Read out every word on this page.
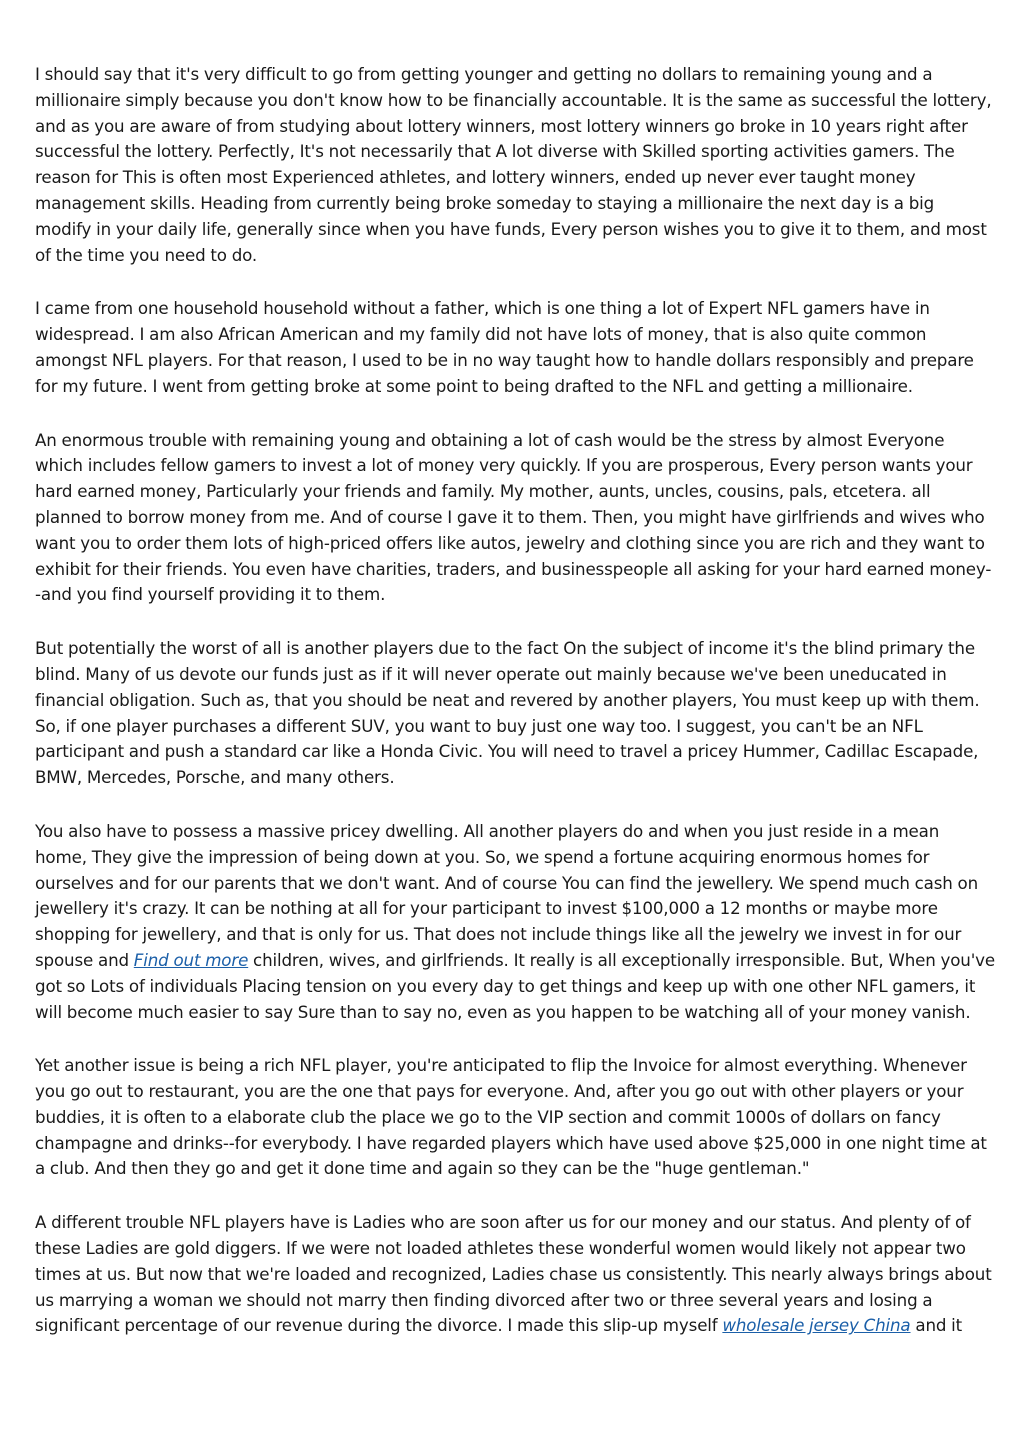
I should say that it's very difficult to go from getting younger and getting no dollars to remaining young and a millionaire simply because you don't know how to be financially accountable. It is the same as successful the lottery, and as you are aware of from studying about lottery winners, most lottery winners go broke in 10 years right after successful the lottery. Perfectly, It's not necessarily that A lot diverse with Skilled sporting activities gamers. The reason for This is often most Experienced athletes, and lottery winners, ended up never ever taught money management skills. Heading from currently being broke someday to staying a millionaire the next day is a big modify in your daily life, generally since when you have funds, Every person wishes you to give it to them, and most of the time you need to do.

I came from one household household without a father, which is one thing a lot of Expert NFL gamers have in widespread. I am also African American and my family did not have lots of money, that is also quite common amongst NFL players. For that reason, I used to be in no way taught how to handle dollars responsibly and prepare for my future. I went from getting broke at some point to being drafted to the NFL and getting a millionaire.

An enormous trouble with remaining young and obtaining a lot of cash would be the stress by almost Everyone which includes fellow gamers to invest a lot of money very quickly. If you are prosperous, Every person wants your hard earned money, Particularly your friends and family. My mother, aunts, uncles, cousins, pals, etcetera. all planned to borrow money from me. And of course I gave it to them. Then, you might have girlfriends and wives who want you to order them lots of high-priced offers like autos, jewelry and clothing since you are rich and they want to exhibit for their friends. You even have charities, traders, and businesspeople all asking for your hard earned money--and you find yourself providing it to them.

But potentially the worst of all is another players due to the fact On the subject of income it's the blind primary the blind. Many of us devote our funds just as if it will never operate out mainly because we've been uneducated in financial obligation. Such as, that you should be neat and revered by another players, You must keep up with them. So, if one player purchases a different SUV, you want to buy just one way too. I suggest, you can't be an NFL participant and push a standard car like a Honda Civic. You will need to travel a pricey Hummer, Cadillac Escapade, BMW, Mercedes, Porsche, and many others.

You also have to possess a massive pricey dwelling. All another players do and when you just reside in a mean home, They give the impression of being down at you. So, we spend a fortune acquiring enormous homes for ourselves and for our parents that we don't want. And of course You can find the jewellery. We spend much cash on jewellery it's crazy. It can be nothing at all for your participant to invest $100,000 a 12 months or maybe more shopping for jewellery, and that is only for us. That does not include things like all the jewelry we invest in for our spouse and Find out more children, wives, and girlfriends. It really is all exceptionally irresponsible. But, When you've got so Lots of individuals Placing tension on you every day to get things and keep up with one other NFL gamers, it will become much easier to say Sure than to say no, even as you happen to be watching all of your money vanish.

Yet another issue is being a rich NFL player, you're anticipated to flip the Invoice for almost everything. Whenever you go out to restaurant, you are the one that pays for everyone. And, after you go out with other players or your buddies, it is often to a elaborate club the place we go to the VIP section and commit 1000s of dollars on fancy champagne and drinks--for everybody. I have regarded players which have used above $25,000 in one night time at a club. And then they go and get it done time and again so they can be the "huge gentleman."

A different trouble NFL players have is Ladies who are soon after us for our money and our status. And plenty of of these Ladies are gold diggers. If we were not loaded athletes these wonderful women would likely not appear two times at us. But now that we're loaded and recognized, Ladies chase us consistently. This nearly always brings about us marrying a woman we should not marry then finding divorced after two or three several years and losing a significant percentage of our revenue during the divorce. I made this slip-up myself wholesale jersey China and it
